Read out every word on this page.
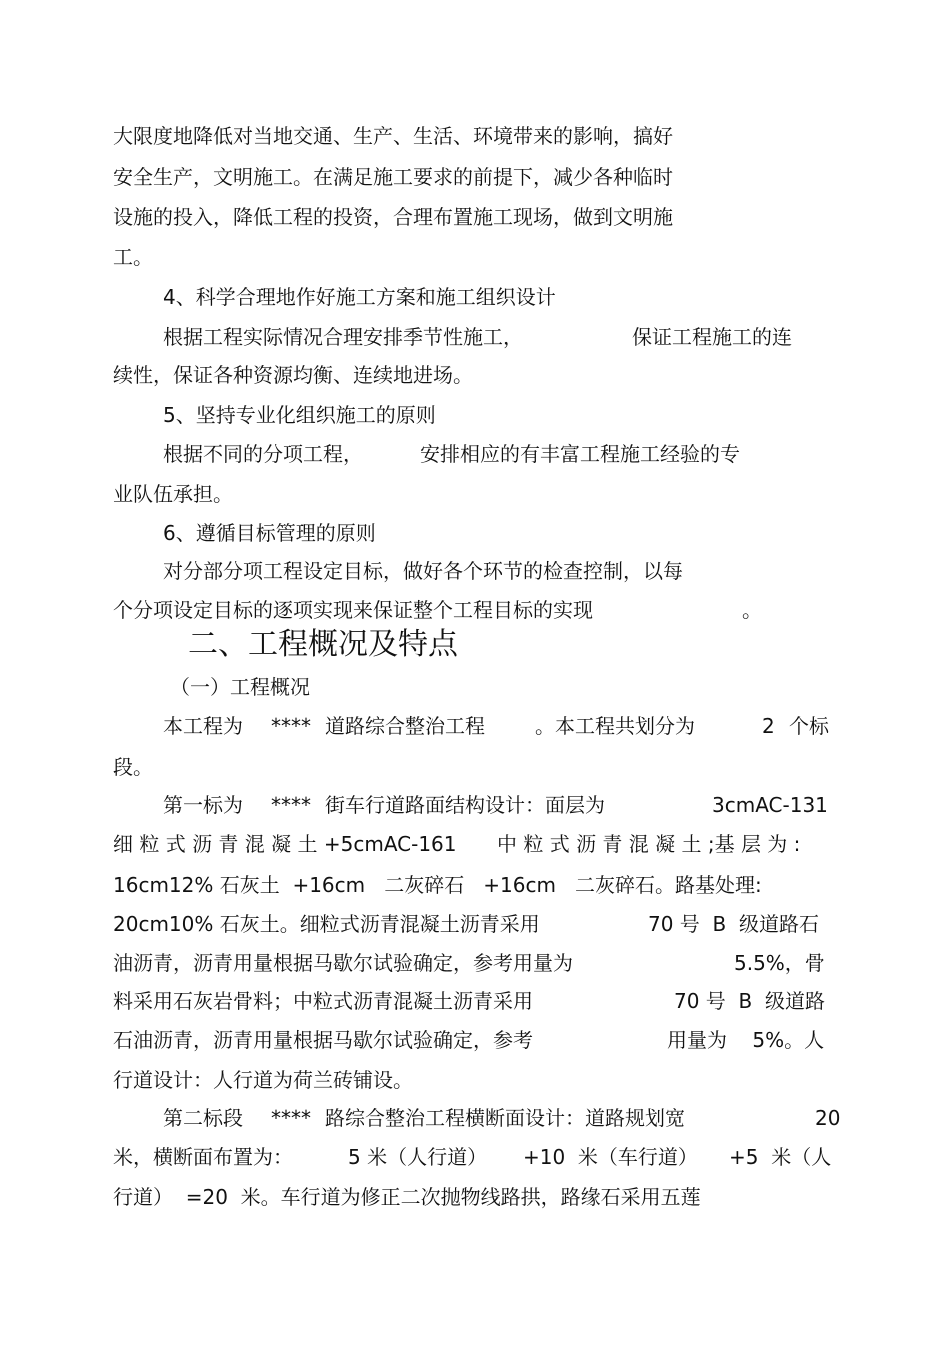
大限度地降低对当地交通、生产、生活、环境带来的影响，搞好
安全生产，文明施工。在满足施工要求的前提下，减少各种临时
设施的投入，降低工程的投资，合理布置施工现场，做到文明施
工。
4、科学合理地作好施工方案和施工组织设计
根据工程实际情况合理安排季节性施工，	保证工程施工的连
续性，保证各种资源均衡、连续地进场。
5、坚持专业化组织施工的原则
根据不同的分项工程，	安排相应的有丰富工程施工经验的专
业队伍承担。
6、遵循目标管理的原则
对分部分项工程设定目标，做好各个环节的检查控制，以每
个分项设定目标的逐项实现来保证整个工程目标的实现	。
二、工程概况及特点
（一）工程概况
本工程为 **** 道路综合整治工程	。本工程共划分为	2 个标
段。
第一标为 **** 街车行道路面结构设计：面层为	3cmAC-131
细 粒 式 沥 青 混 凝 土 +5cmAC-161 中 粒 式 沥 青 混 凝 土 ;基 层 为 :
16cm12% 石灰土  +16cm   二灰碎石   +16cm   二灰碎石。路基处理:
20cm10% 石灰土。细粒式沥青混凝土沥青采用	70 号  B  级道路石
油沥青，沥青用量根据马歇尔试验确定，参考用量为	5.5%，骨
料采用石灰岩骨料；中粒式沥青混凝土沥青采用	70 号  B  级道路
石油沥青，沥青用量根据马歇尔试验确定，参考	用量为    5%。人
行道设计：人行道为荷兰砖铺设。
第二标段 **** 路综合整治工程横断面设计：道路规划宽	20
米，横断面布置为：	5 米（人行道） +10  米（车行道） +5  米（人
行道）  =20  米。车行道为修正二次抛物线路拱，路缘石采用五莲
